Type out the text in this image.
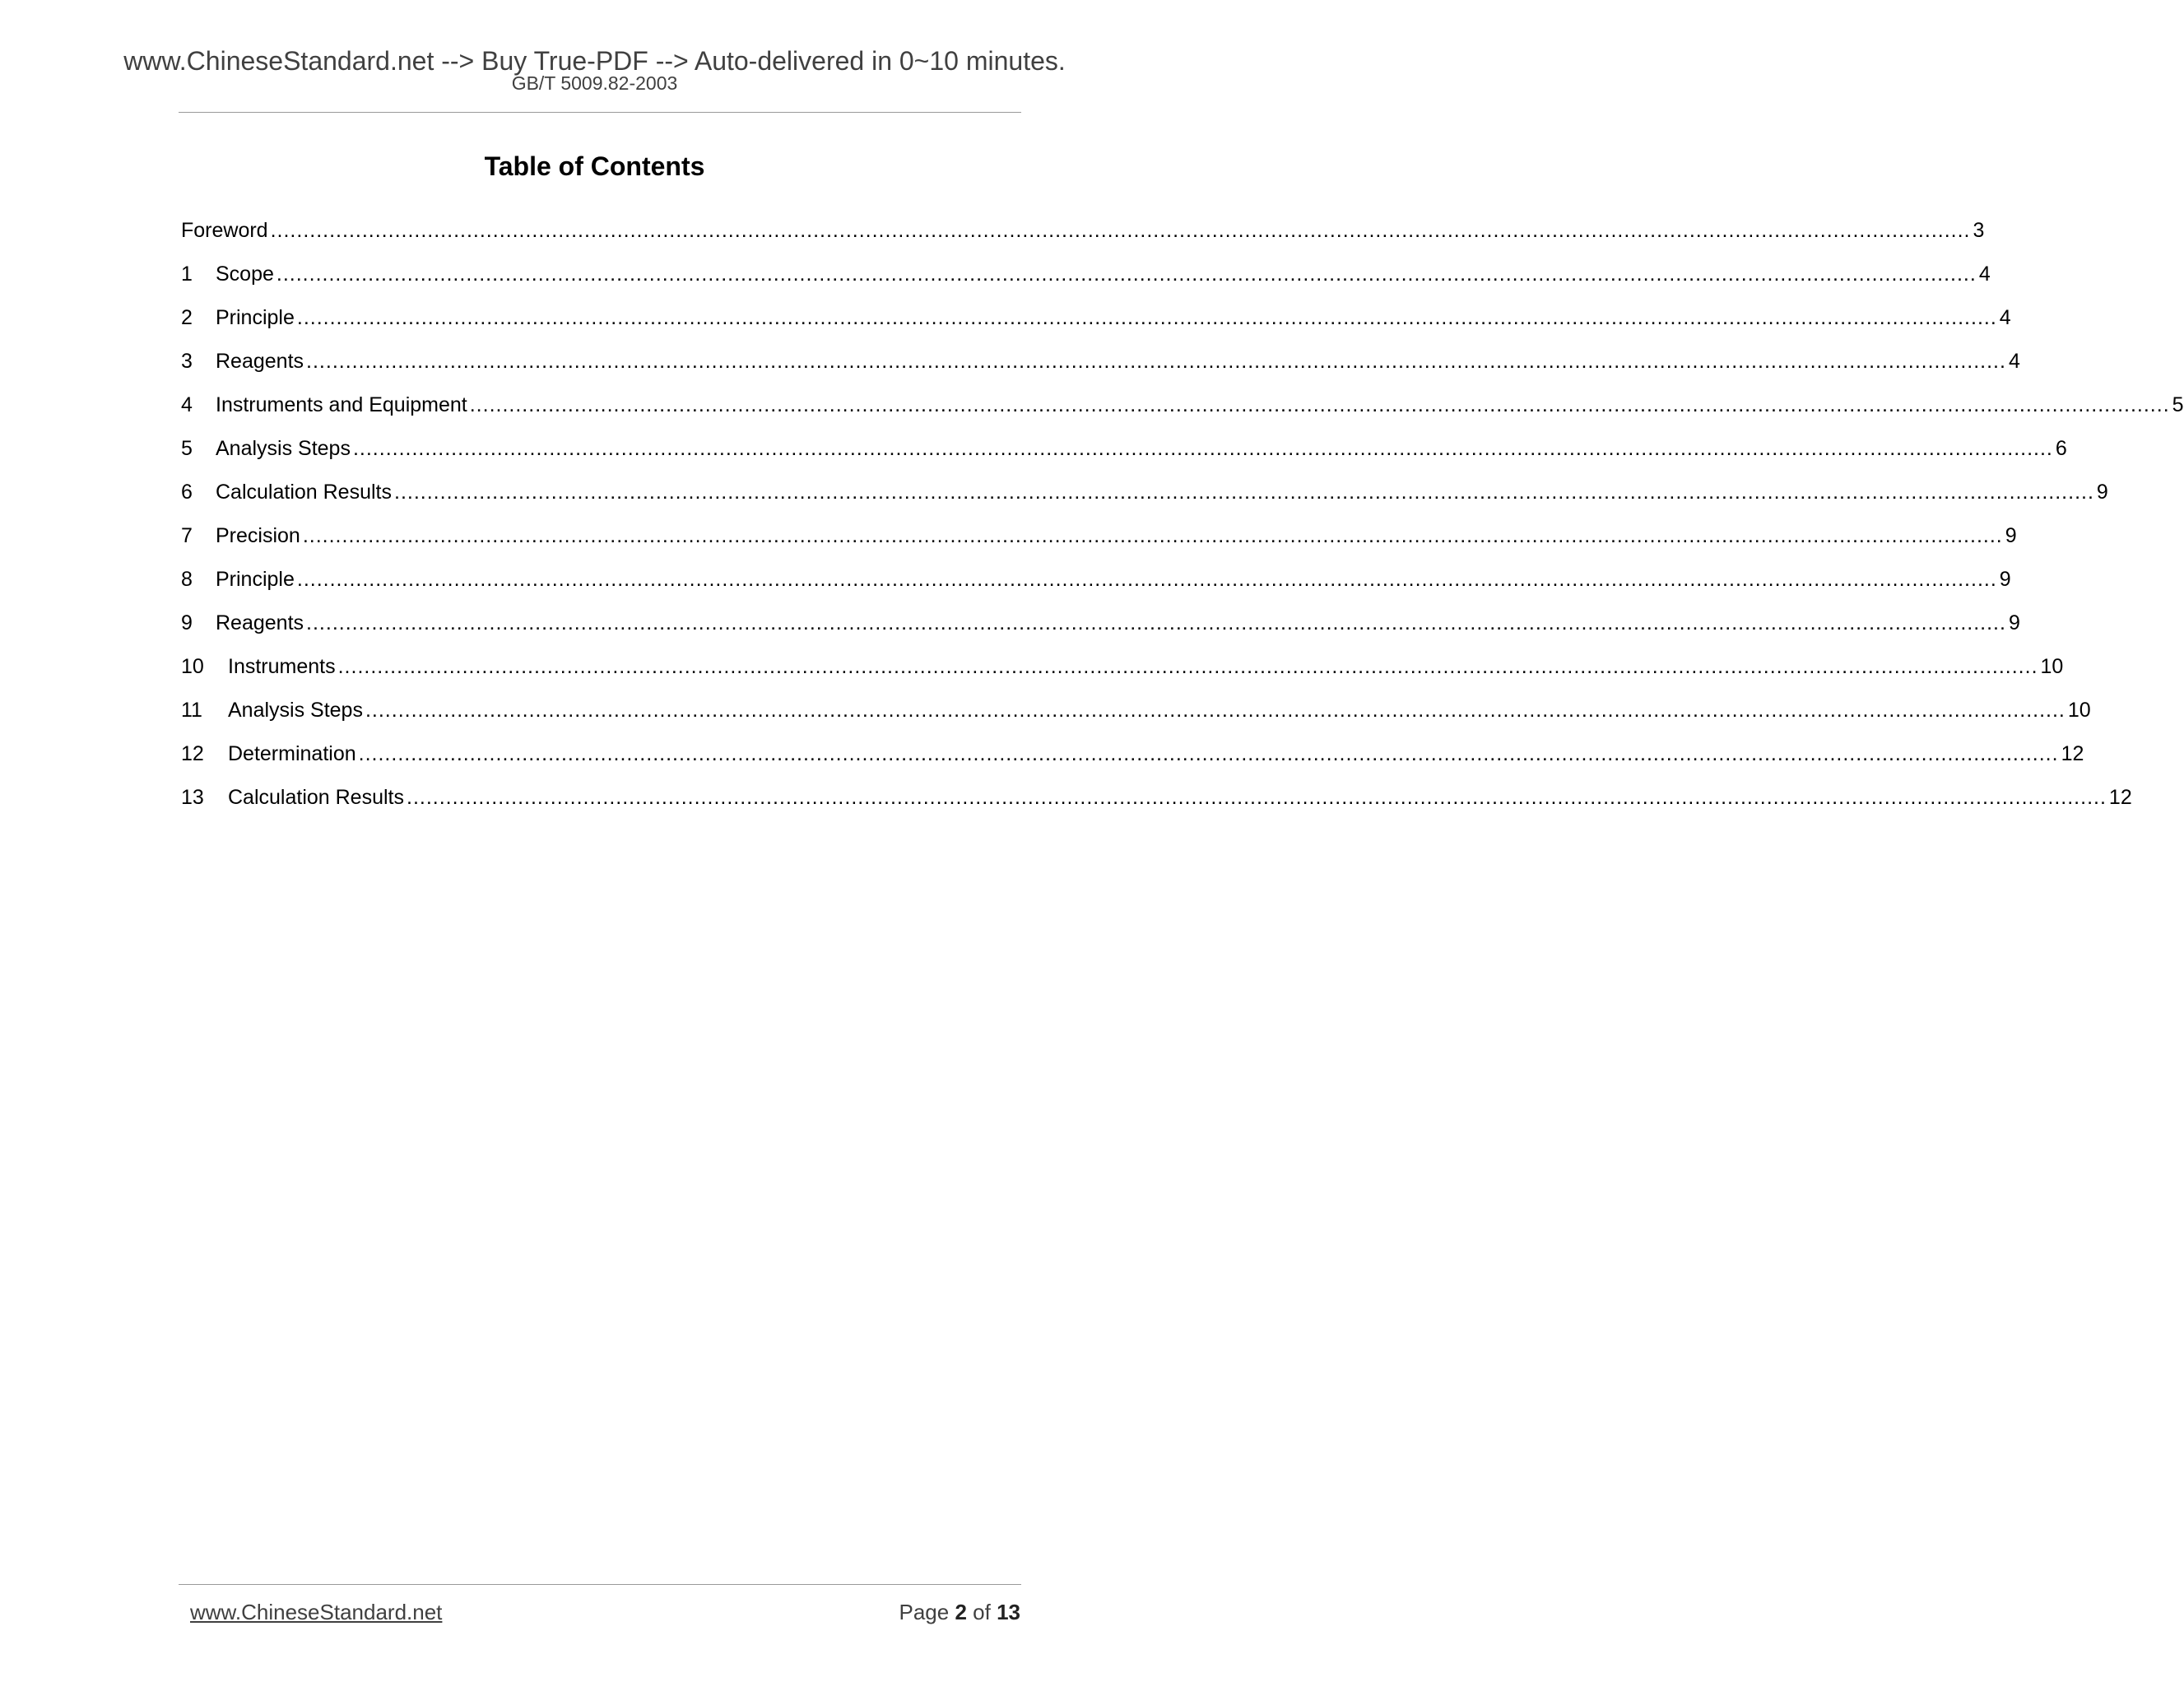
www.ChineseStandard.net --> Buy True-PDF --> Auto-delivered in 0~10 minutes.
GB/T 5009.82-2003
Table of Contents
Foreword .................................................................................................................................................................................................................................................................... 3
1	Scope .................................................................................................................................................................................................................................................................... 4
2	Principle .................................................................................................................................................................................................................................................................... 4
3	Reagents .................................................................................................................................................................................................................................................................... 4
4	Instruments and Equipment .................................................................................................................................................................................................................................................................... 5
5	Analysis Steps .................................................................................................................................................................................................................................................................... 6
6	Calculation Results .................................................................................................................................................................................................................................................................... 9
7	Precision .................................................................................................................................................................................................................................................................... 9
8	Principle .................................................................................................................................................................................................................................................................... 9
9	Reagents .................................................................................................................................................................................................................................................................... 9
10	Instruments .................................................................................................................................................................................................................................................................... 10
11	Analysis Steps .................................................................................................................................................................................................................................................................... 10
12	Determination .................................................................................................................................................................................................................................................................... 12
13	Calculation Results .................................................................................................................................................................................................................................................................... 12
www.ChineseStandard.net	Page 2 of 13
